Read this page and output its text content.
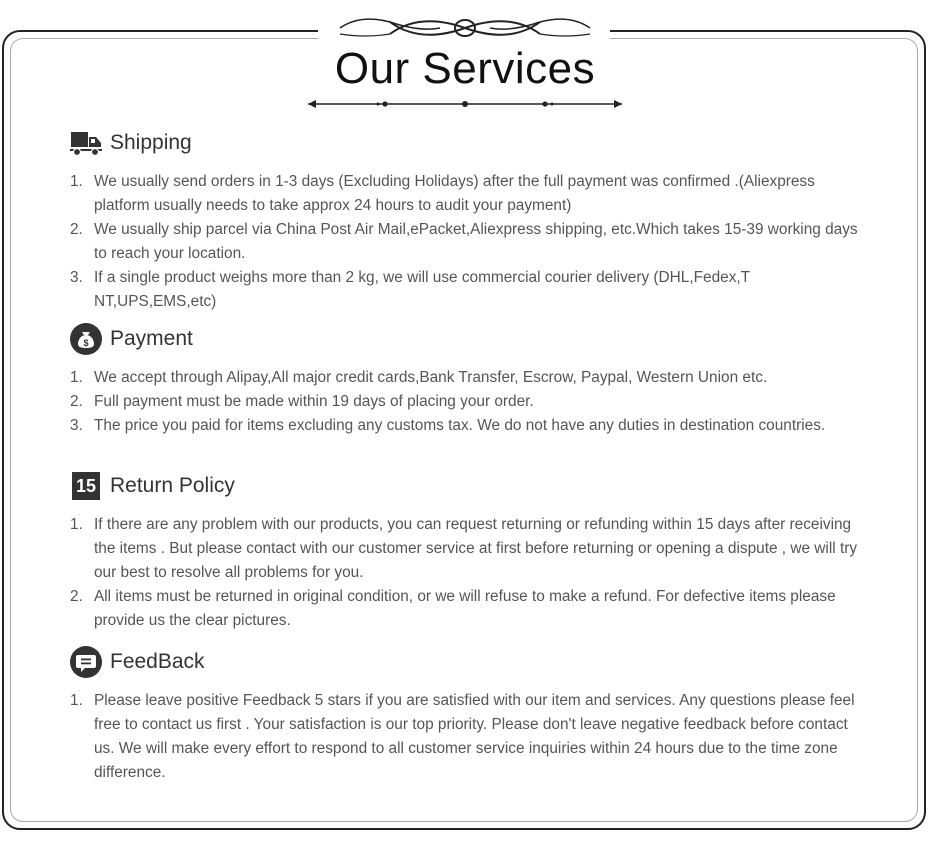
Our Services
Shipping
1. We usually send orders in 1-3 days (Excluding Holidays) after the full payment was confirmed .(Aliexpress platform usually needs to take approx 24 hours to audit your payment)
2. We usually ship parcel via China Post Air Mail,ePacket,Aliexpress shipping, etc.Which takes 15-39 working days to reach your location.
3. If a single product weighs more than 2 kg, we will use commercial courier delivery (DHL,Fedex,T NT,UPS,EMS,etc)
$ Payment
1. We accept through Alipay,All major credit cards,Bank Transfer, Escrow, Paypal, Western Union etc.
2. Full payment must be made within 19 days of placing your order.
3. The price you paid for items excluding any customs tax. We do not have any duties in destination countries.
15 Return Policy
1. If there are any problem with our products, you can request returning or refunding within 15 days after receiving the items . But please contact with our customer service at first before returning or opening a dispute , we will try our best to resolve all problems for you.
2. All items must be returned in original condition, or we will refuse to make a refund. For defective items please provide us the clear pictures.
FeedBack
1. Please leave positive Feedback 5 stars if you are satisfied with our item and services. Any questions please feel free to contact us first . Your satisfaction is our top priority. Please don't leave negative feedback before contact us. We will make every effort to respond to all customer service inquiries within 24 hours due to the time zone difference.
